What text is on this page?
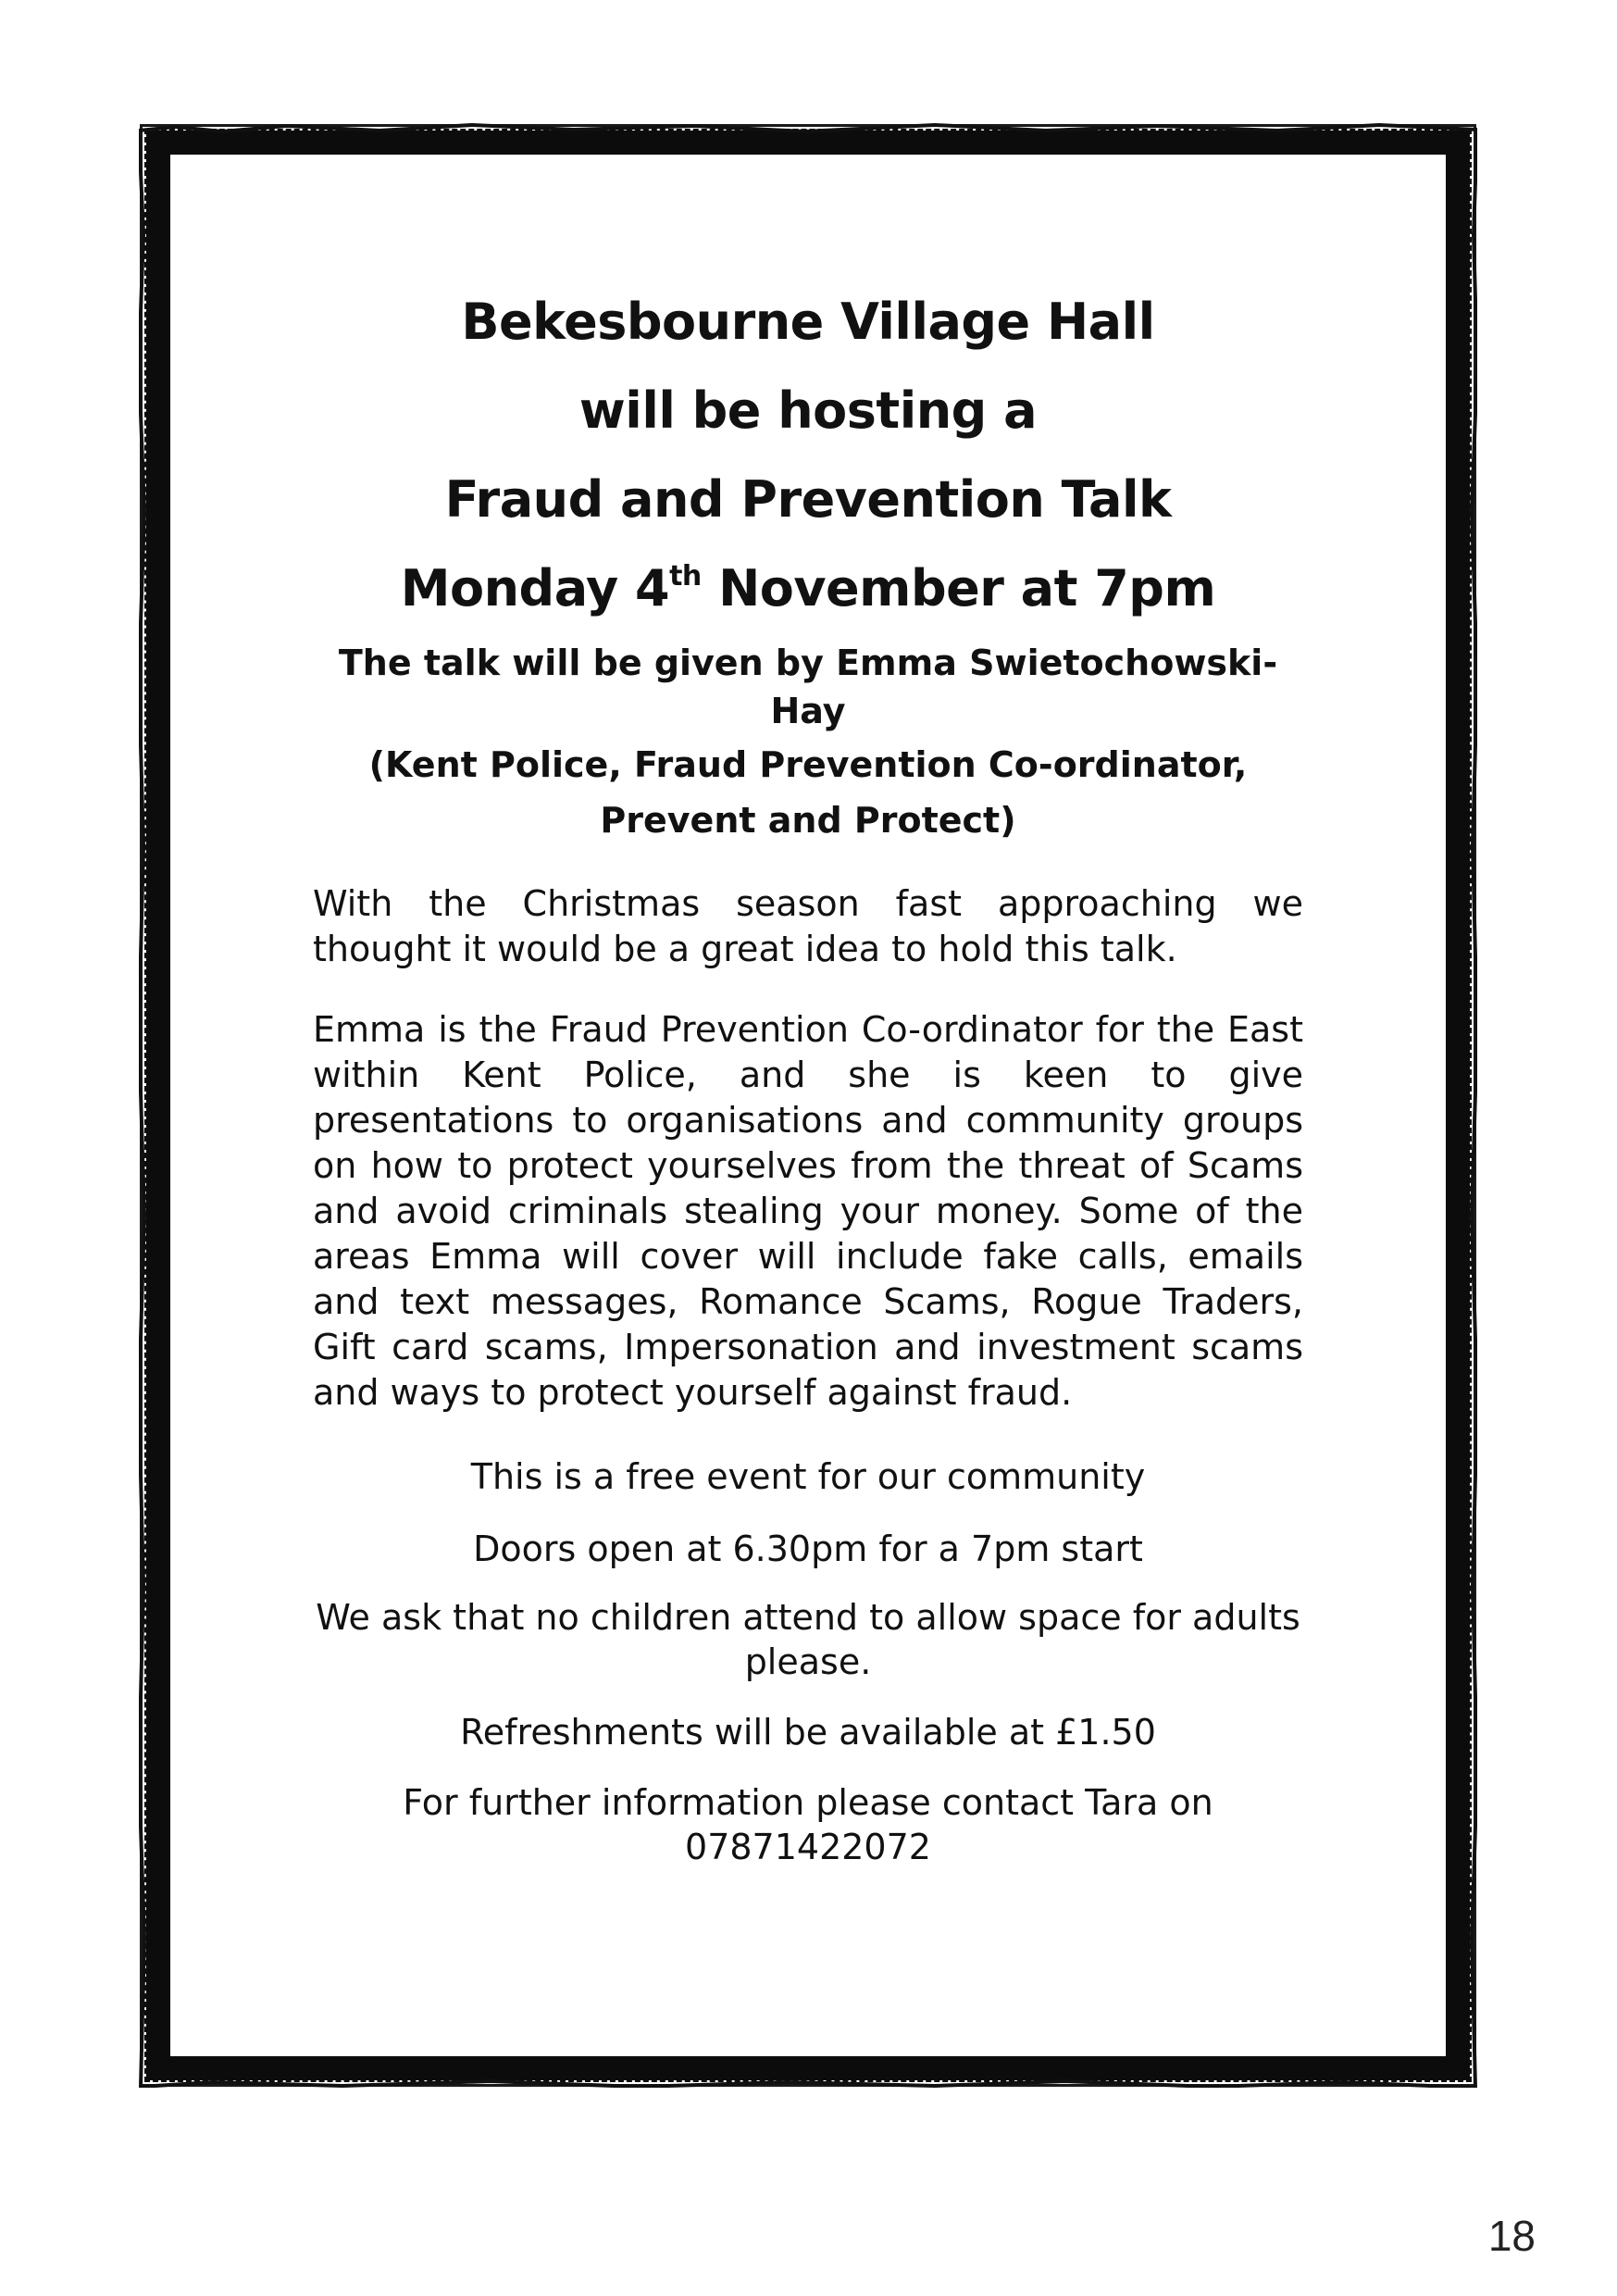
Bekesbourne Village Hall

will be hosting a

Fraud and Prevention Talk

Monday 4th November at 7pm

The talk will be given by Emma Swietochowski-Hay

(Kent Police, Fraud Prevention Co-ordinator,

Prevent and Protect)

With the Christmas season fast approaching we thought it would be a great idea to hold this talk.

Emma is the Fraud Prevention Co-ordinator for the East within Kent Police, and she is keen to give presentations to organisations and community groups on how to protect yourselves from the threat of Scams and avoid criminals stealing your money. Some of the areas Emma will cover will include fake calls, emails and text messages, Romance Scams, Rogue Traders, Gift card scams, Impersonation and investment scams and ways to protect yourself against fraud.

This is a free event for our community

Doors open at 6.30pm for a 7pm start

We ask that no children attend to allow space for adults please.

Refreshments will be available at £1.50

For further information please contact Tara on 07871422072

18
